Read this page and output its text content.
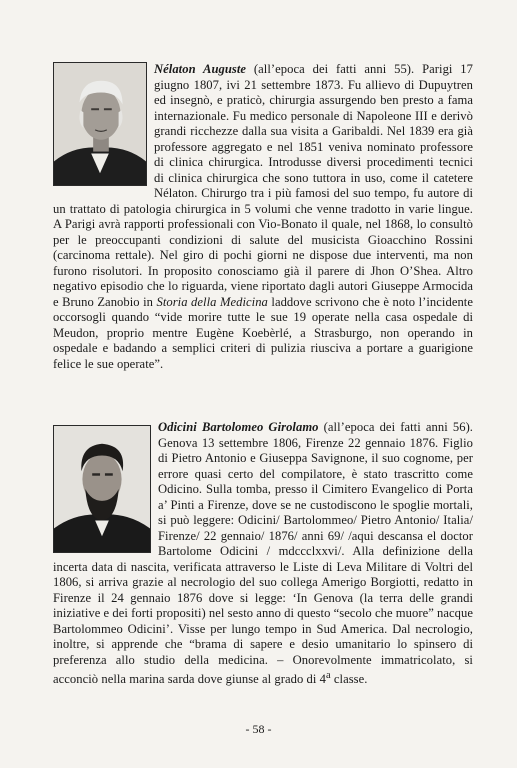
Nélaton Auguste (all’epoca dei fatti anni 55). Parigi 17 giugno 1807, ivi 21 settembre 1873. Fu allievo di Dupuytren ed insegnò, e praticò, chirurgia assurgendo ben presto a fama internazionale. Fu medico personale di Napoleone III e derivò grandi ricchezze dalla sua visita a Garibaldi. Nel 1839 era già professore aggregato e nel 1851 veniva nominato professore di clinica chirurgica. Introdusse diversi procedimenti tecnici di clinica chirurgica che sono tuttora in uso, come il catetere Nélaton. Chirurgo tra i più famosi del suo tempo, fu autore di un trattato di patologia chirurgica in 5 volumi che venne tradotto in varie lingue. A Parigi avrà rapporti professionali con Vio-Bonato il quale, nel 1868, lo consultò per le preoccupanti condizioni di salute del musicista Gioacchino Rossini (carcinoma rettale). Nel giro di pochi giorni ne dispose due interventi, ma non furono risolutori. In proposito conosciamo già il parere di Jhon O’Shea. Altro negativo episodio che lo riguarda, viene riportato dagli autori Giuseppe Armocida e Bruno Zanobio in Storia della Medicina laddove scrivono che è noto l’incidente occorsogli quando “vide morire tutte le sue 19 operate nella casa ospedale di Meudon, proprio mentre Eugène Koebèrlé, a Strasburgo, non operando in ospedale e badando a semplici criteri di pulizia riusciva a portare a guarigione felice le sue operate”.

Odicini Bartolomeo Girolamo (all’epoca dei fatti anni 56). Genova 13 settembre 1806, Firenze 22 gennaio 1876. Figlio di Pietro Antonio e Giuseppa Savignone, il suo cognome, per errore quasi certo del compilatore, è stato trascritto come Odicino. Sulla tomba, presso il Cimitero Evangelico di Porta a’ Pinti a Firenze, dove se ne custodiscono le spoglie mortali, si può leggere: Odicini/ Bartolommeo/ Pietro Antonio/ Italia/ Firenze/ 22 gennaio/ 1876/ anni 69/ /aqui descansa el doctor Bartolome Odicini / mdccclxxvi/. Alla definizione della incerta data di nascita, verificata attraverso le Liste di Leva Militare di Voltri del 1806, si arriva grazie al necrologio del suo collega Amerigo Borgiotti, redatto in Firenze il 24 gennaio 1876 dove si legge: ‘In Genova (la terra delle grandi iniziative e dei forti propositi) nel sesto anno di questo “secolo che muore” nacque Bartolommeo Odicini’. Visse per lungo tempo in Sud America. Dal necrologio, inoltre, si apprende che “brama di sapere e desio umanitario lo spinsero di preferenza allo studio della medicina. – Onorevolmente immatricolato, si acconciò nella marina sarda dove giunse al grado di 4$^a$ classe.

- 58 -
